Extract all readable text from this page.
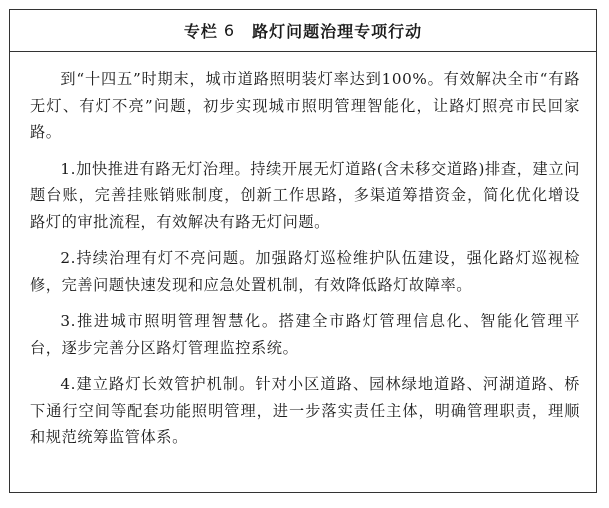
专栏 6 路灯问题治理专项行动

到“十四五”时期末，城市道路照明装灯率达到100%。有效解决全市“有路无灯、有灯不亮”问题，初步实现城市照明管理智能化，让路灯照亮市民回家路。

1.加快推进有路无灯治理。持续开展无灯道路(含未移交道路)排查，建立问题台账，完善挂账销账制度，创新工作思路，多渠道筹措资金，简化优化增设路灯的审批流程，有效解决有路无灯问题。

2.持续治理有灯不亮问题。加强路灯巡检维护队伍建设，强化路灯巡视检修，完善问题快速发现和应急处置机制，有效降低路灯故障率。

3.推进城市照明管理智慧化。搭建全市路灯管理信息化、智能化管理平台，逐步完善分区路灯管理监控系统。

4.建立路灯长效管护机制。针对小区道路、园林绿地道路、河湖道路、桥下通行空间等配套功能照明管理，进一步落实责任主体，明确管理职责，理顺和规范统筹监管体系。
